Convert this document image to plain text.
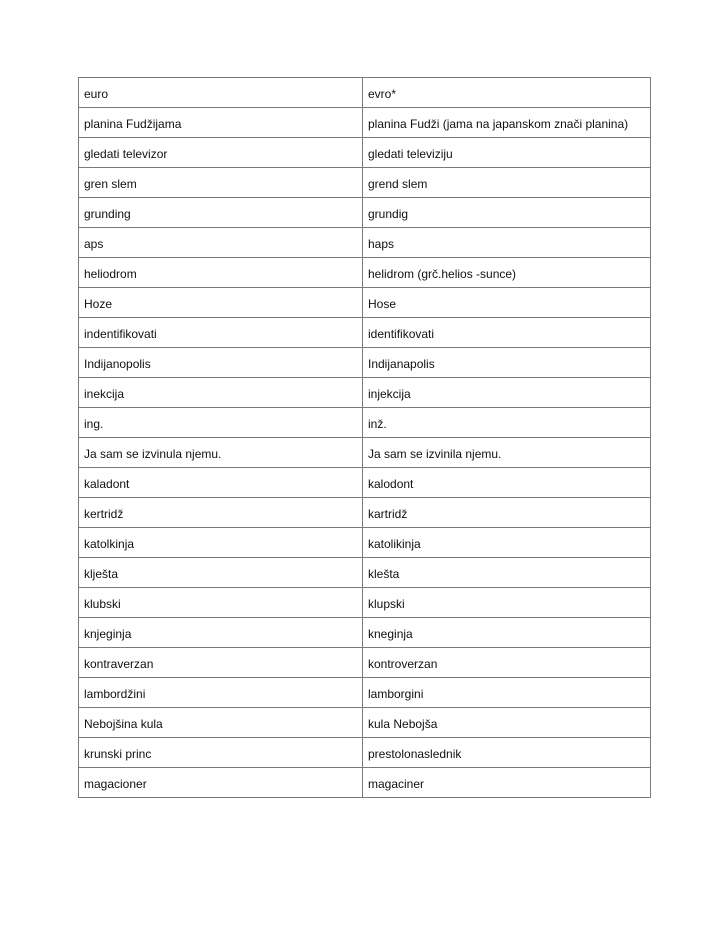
euro	evro*
planina Fudžijama	planina Fudži (jama na japanskom znači planina)
gledati televizor	gledati televiziju
gren slem	grend slem
grunding	grundig
aps	haps
heliodrom	helidrom (grč.helios -sunce)
Hoze	Hose
indentifikovati	identifikovati
Indijanopolis	Indijanapolis
inekcija	injekcija
ing.	inž.
Ja sam se izvinula njemu.	Ja sam se izvinila njemu.
kaladont	kalodont
kertridž	kartridž
katolkinja	katolikinja
klješta	klešta
klubski	klupski
knjeginja	kneginja
kontraverzan	kontroverzan
lambordžini	lamborgini
Nebojšina kula	kula Nebojša
krunski princ	prestolonaslednik
magacioner	magaciner
